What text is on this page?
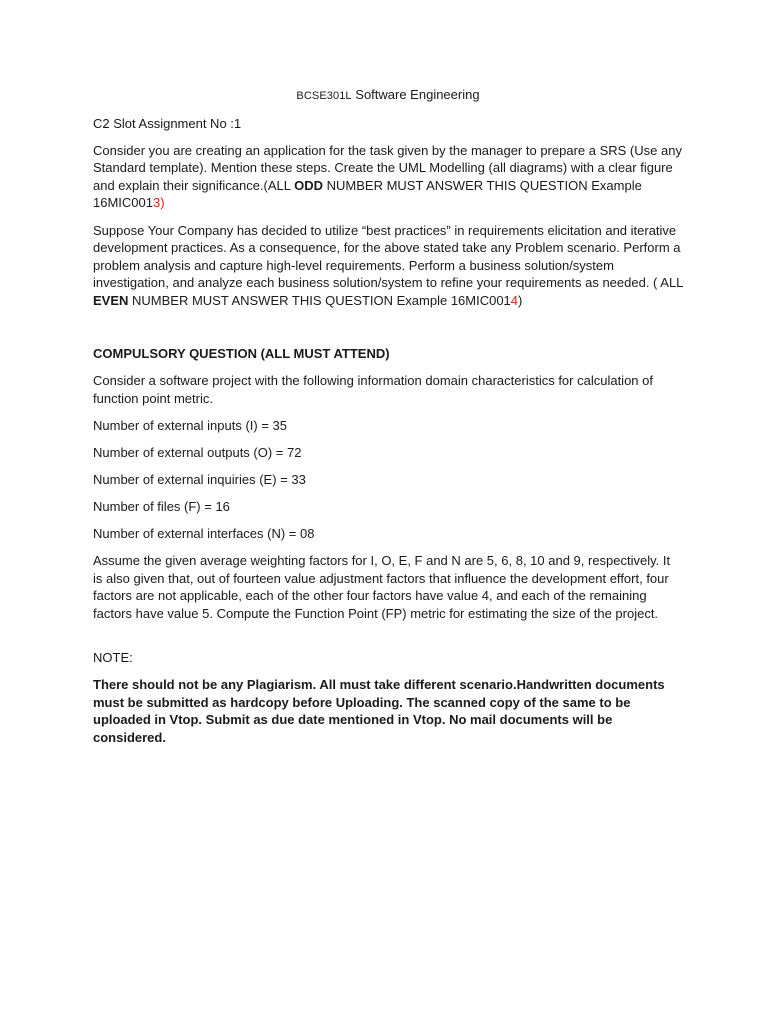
BCSE301L Software Engineering

C2 Slot Assignment No :1

Consider you are creating an application for the task given by the manager to prepare a SRS (Use any Standard template). Mention these steps. Create the UML Modelling (all diagrams) with a clear figure and explain their significance.(ALL ODD NUMBER MUST ANSWER THIS QUESTION Example 16MIC0013)

Suppose Your Company has decided to utilize “best practices” in requirements elicitation and iterative development practices. As a consequence, for the above stated take any Problem scenario. Perform a problem analysis and capture high-level requirements. Perform a business solution/system investigation, and analyze each business solution/system to refine your requirements as needed. ( ALL EVEN NUMBER MUST ANSWER THIS QUESTION Example 16MIC0014)

COMPULSORY QUESTION (ALL MUST ATTEND)

Consider a software project with the following information domain characteristics for calculation of function point metric.

Number of external inputs (I) = 35

Number of external outputs (O) = 72

Number of external inquiries (E) = 33

Number of files (F) = 16

Number of external interfaces (N) = 08

Assume the given average weighting factors for I, O, E, F and N are 5, 6, 8, 10 and 9, respectively. It is also given that, out of fourteen value adjustment factors that influence the development effort, four factors are not applicable, each of the other four factors have value 4, and each of the remaining factors have value 5. Compute the Function Point (FP) metric for estimating the size of the project.

NOTE:

There should not be any Plagiarism. All must take different scenario.Handwritten documents must be submitted as hardcopy before Uploading. The scanned copy of the same to be uploaded in Vtop. Submit as due date mentioned in Vtop. No mail documents will be considered.
